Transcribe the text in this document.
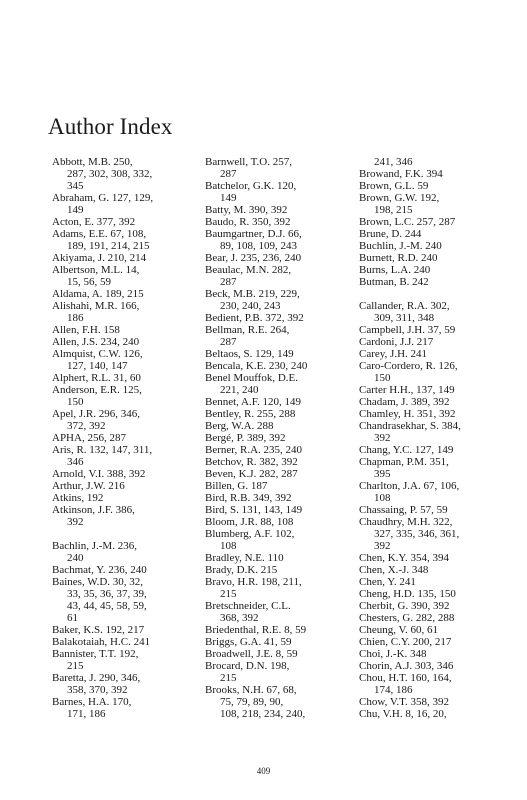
Author Index

Abbott, M.B. 250,
287, 302, 308, 332,
345

Abraham, G. 127, 129,
149

Acton, E. 377, 392

Adams, E.E. 67, 108,
189, 191, 214, 215

Akiyama, J. 210, 214

Albertson, M.L. 14,
15, 56, 59

Aldama, A. 189, 215

Alishahi, M.R. 166,
186

Allen, F.H. 158

Allen, J.S. 234, 240

Almquist, C.W. 126,
127, 140, 147

Alphert, R.L. 31, 60

Anderson, E.R. 125,
150

Apel, J.R. 296, 346,
372, 392

APHA, 256, 287

Aris, R. 132, 147, 311,
346

Arnold, V.I. 388, 392

Arthur, J.W. 216

Atkins, 192

Atkinson, J.F. 386,
392

Bachlin, J.-M. 236,
240

Bachmat, Y. 236, 240

Baines, W.D. 30, 32,
33, 35, 36, 37, 39,
43, 44, 45, 58, 59,
61

Baker, K.S. 192, 217

Balakotaiah, H.C. 241

Bannister, T.T. 192,
215

Baretta, J. 290, 346,
358, 370, 392

Barnes, H.A. 170,
171, 186

Barnwell, T.O. 257,
287

Batchelor, G.K. 120,
149

Batty, M. 390, 392

Baudo, R. 350, 392

Baumgartner, D.J. 66,
89, 108, 109, 243

Bear, J. 235, 236, 240

Beaulac, M.N. 282,
287

Beck, M.B. 219, 229,
230, 240, 243

Bedient, P.B. 372, 392

Bellman, R.E. 264,
287

Beltaos, S. 129, 149

Bencala, K.E. 230, 240

Benel Mouffok, D.E.
221, 240

Bennet, A.F. 120, 149

Bentley, R. 255, 288

Berg, W.A. 288

Bergé, P. 389, 392

Berner, R.A. 235, 240

Betchov, R. 382, 392

Beven, K.J. 282, 287

Billen, G. 187

Bird, R.B. 349, 392

Bird, S. 131, 143, 149

Bloom, J.R. 88, 108

Blumberg, A.F. 102,
108

Bradley, N.E. 110

Brady, D.K. 215

Bravo, H.R. 198, 211,
215

Bretschneider, C.L.
368, 392

Briedenthal, R.E. 8, 59

Briggs, G.A. 41, 59

Broadwell, J.E. 8, 59

Brocard, D.N. 198,
215

Brooks, N.H. 67, 68,
75, 79, 89, 90,
108, 218, 234, 240,

241, 346

Browand, F.K. 394

Brown, G.L. 59

Brown, G.W. 192,
198, 215

Brown, L.C. 257, 287

Brune, D. 244

Buchlin, J.-M. 240

Burnett, R.D. 240

Burns, L.A. 240

Butman, B. 242

Callander, R.A. 302,
309, 311, 348

Campbell, J.H. 37, 59

Cardoni, J.J. 217

Carey, J.H. 241

Caro-Cordero, R. 126,
150

Carter H.H., 137, 149

Chadam, J. 389, 392

Chamley, H. 351, 392

Chandrasekhar, S. 384,
392

Chang, Y.C. 127, 149

Chapman, P.M. 351,
395

Charlton, J.A. 67, 106,
108

Chassaing, P. 57, 59

Chaudhry, M.H. 322,
327, 335, 346, 361,
392

Chen, K.Y. 354, 394

Chen, X.-J. 348

Chen, Y. 241

Cheng, H.D. 135, 150

Cherbit, G. 390, 392

Chesters, G. 282, 288

Cheung, V. 60, 61

Chien, C.Y. 200, 217

Choi, J.-K. 348

Chorin, A.J. 303, 346

Chou, H.T. 160, 164,
174, 186

Chow, V.T. 358, 392

Chu, V.H. 8, 16, 20,

409
